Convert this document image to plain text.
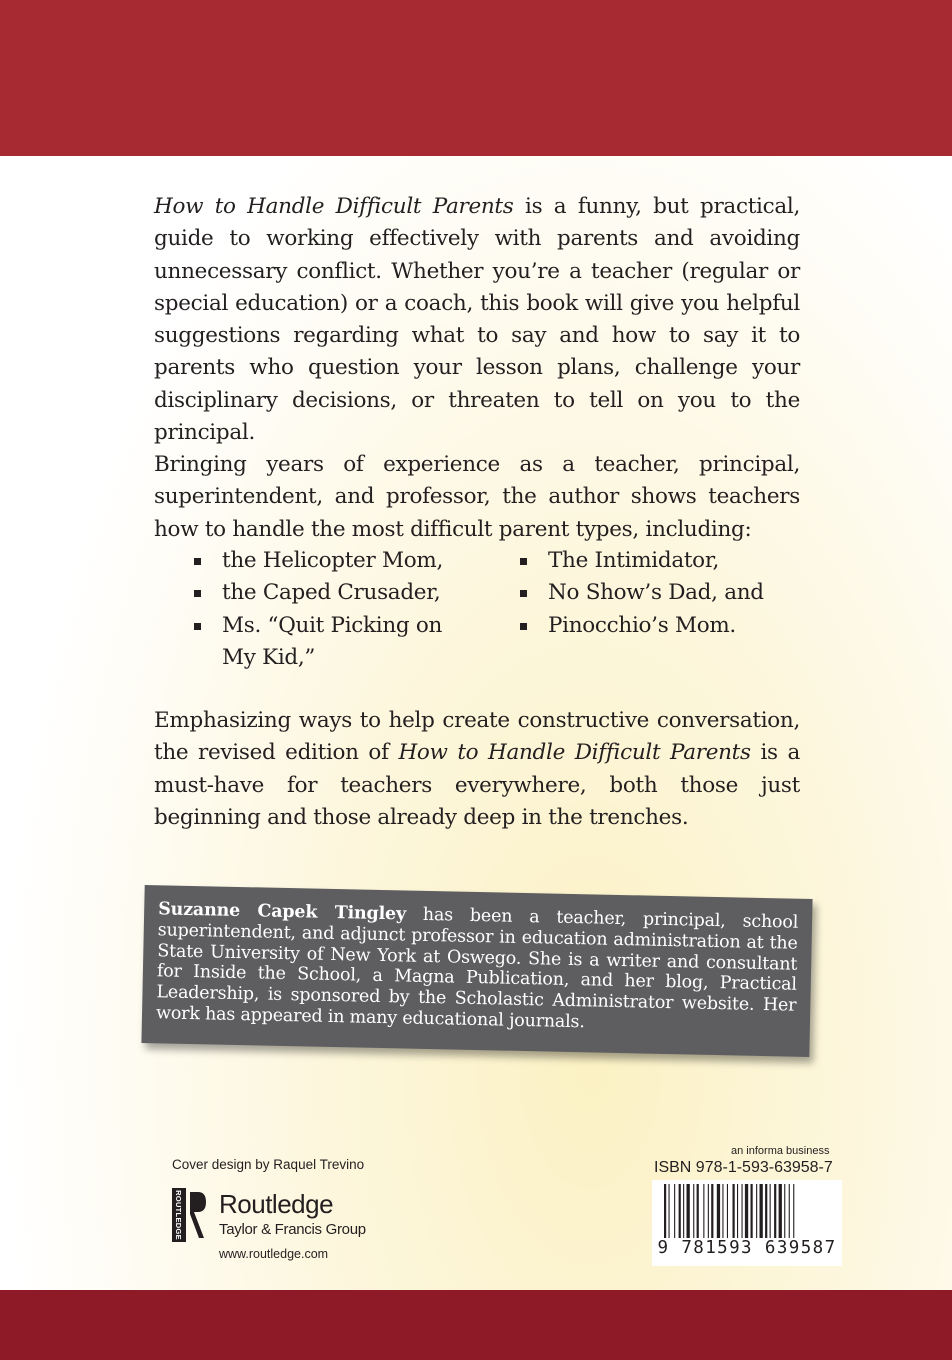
How to Handle Difficult Parents is a funny, but practical, guide to working effectively with parents and avoiding unnecessary conflict. Whether you’re a teacher (regular or special education) or a coach, this book will give you helpful suggestions regarding what to say and how to say it to parents who question your lesson plans, challenge your disciplinary decisions, or threaten to tell on you to the principal.

Bringing years of experience as a teacher, principal, superintendent, and professor, the author shows teachers how to handle the most difficult parent types, including:

the Helicopter Mom,
the Caped Crusader,
Ms. “Quit Picking on My Kid,”
The Intimidator,
No Show’s Dad, and
Pinocchio’s Mom.

Emphasizing ways to help create constructive conversation, the revised edition of How to Handle Difficult Parents is a must-have for teachers everywhere, both those just beginning and those already deep in the trenches.

Suzanne Capek Tingley has been a teacher, principal, school superintendent, and adjunct professor in education administration at the State University of New York at Oswego. She is a writer and consultant for Inside the School, a Magna Publication, and her blog, Practical Leadership, is sponsored by the Scholastic Administrator website. Her work has appeared in many educational journals.

Cover design by Raquel Trevino
ROUTLEDGE Routledge
Taylor & Francis Group
www.routledge.com
an informa business
ISBN 978-1-593-63958-7
9 781593 639587
